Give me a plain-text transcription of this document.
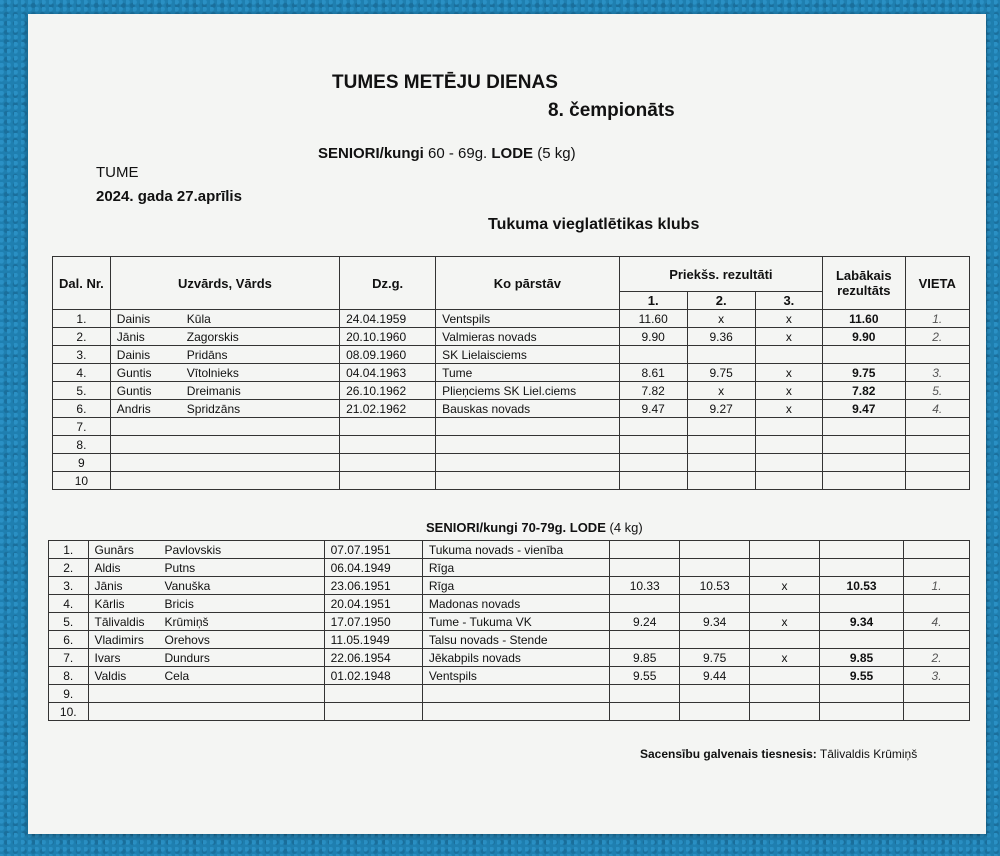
TUMES METĒJU DIENAS
8. čempionāts
SENIORI/kungi 60 - 69g. LODE (5 kg)
TUME
2024. gada 27.aprīlis
Tukuma vieglatlētikas klubs
Dal. Nr.	Uzvārds, Vārds	Dz.g.	Ko pārstāv	Priekšs. rezultāti			Labākais rezultāts	VIETA
				1.	2.	3.		
1.	Dainis Kūla	24.04.1959	Ventspils	11.60	x	x	11.60	1.
2.	Jānis Zagorskis	20.10.1960	Valmieras novads	9.90	9.36	x	9.90	2.
3.	Dainis Pridāns	08.09.1960	SK Lielaisciems					
4.	Guntis Vītolnieks	04.04.1963	Tume	8.61	9.75	x	9.75	3.
5.	Guntis Dreimanis	26.10.1962	Plieņciems SK Liel.ciems	7.82	x	x	7.82	5.
6.	Andris Spridzāns	21.02.1962	Bauskas novads	9.47	9.27	x	9.47	4.
7.								
8.								
9								
10								
SENIORI/kungi 70-79g. LODE (4 kg)
1.	Gunārs Pavlovskis	07.07.1951	Tukuma novads - vienība					
2.	Aldis Putns	06.04.1949	Rīga					
3.	Jānis Vanuška	23.06.1951	Rīga	10.33	10.53	x	10.53	1.
4.	Kārlis Bricis	20.04.1951	Madonas novads					
5.	Tālivaldis Krūmiņš	17.07.1950	Tume - Tukuma VK	9.24	9.34	x	9.34	4.
6.	Vladimirs Orehovs	11.05.1949	Talsu novads - Stende					
7.	Ivars Dundurs	22.06.1954	Jēkabpils novads	9.85	9.75	x	9.85	2.
8.	Valdis Cela	01.02.1948	Ventspils	9.55	9.44		9.55	3.
9.								
10.								
Sacensību galvenais tiesnesis: Tālivaldis Krūmiņš
